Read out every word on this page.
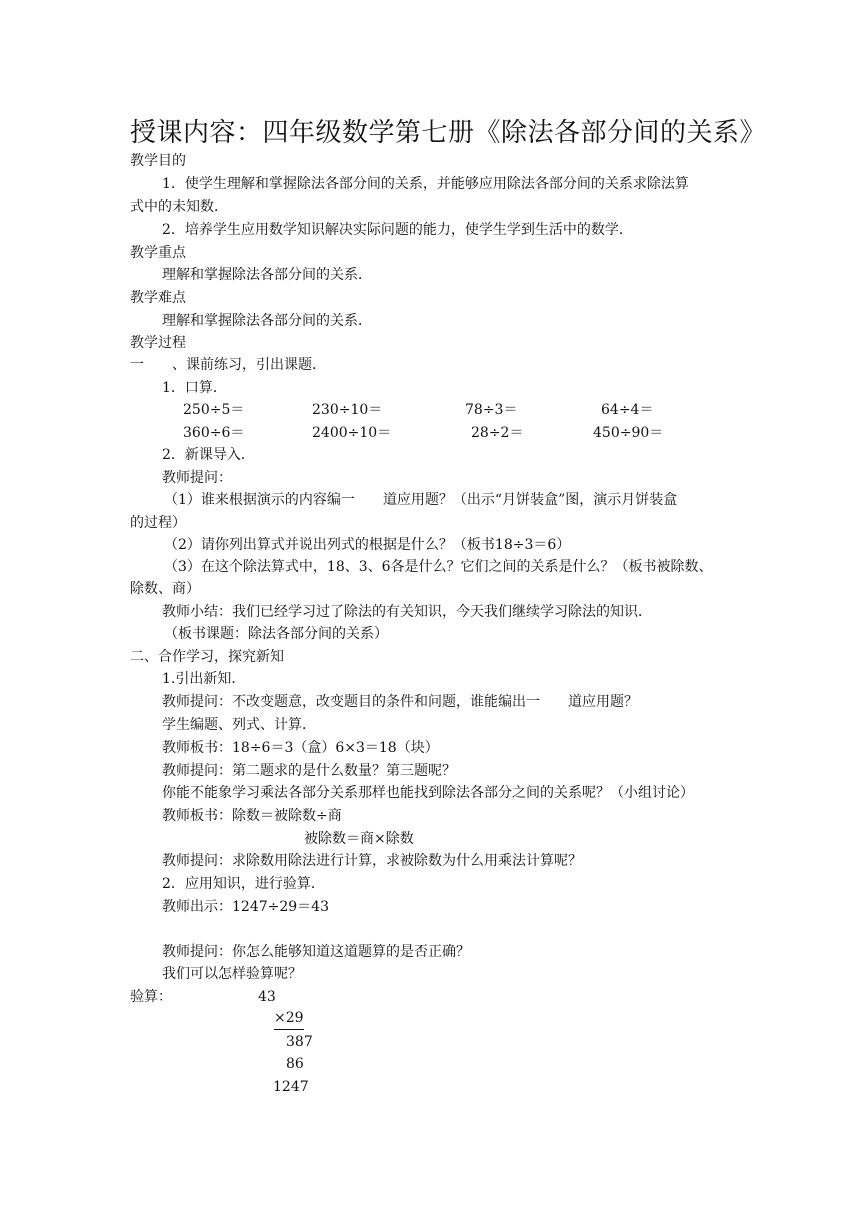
授课内容：四年级数学第七册《除法各部分间的关系》
教学目的
1．使学生理解和掌握除法各部分间的关系，并能够应用除法各部分间的关系求除法算
式中的未知数．
2．培养学生应用数学知识解决实际问题的能力，使学生学到生活中的数学．
教学重点
理解和掌握除法各部分间的关系．
教学难点
理解和掌握除法各部分间的关系．
教学过程
一　　、课前练习，引出课题．
1．口算．
250÷5＝	230÷10＝	78÷3＝	64÷4＝
360÷6＝	2400÷10＝	28÷2＝	450÷90＝
2．新课导入．
教师提问：
（1）谁来根据演示的内容编一　　道应用题？（出示“月饼装盒”图，演示月饼装盒
的过程）
（2）请你列出算式并说出列式的根据是什么？（板书18÷3＝6）
（3）在这个除法算式中，18、3、6各是什么？它们之间的关系是什么？（板书被除数、
除数、商）
教师小结：我们已经学习过了除法的有关知识，今天我们继续学习除法的知识．
（板书课题：除法各部分间的关系）
二、合作学习，探究新知
1.引出新知．
教师提问：不改变题意，改变题目的条件和问题，谁能编出一　　道应用题？
学生编题、列式、计算．
教师板书：18÷6＝3（盒）6×3＝18（块）
教师提问：第二题求的是什么数量？第三题呢？
你能不能象学习乘法各部分关系那样也能找到除法各部分之间的关系呢？（小组讨论）
教师板书：除数＝被除数÷商
被除数＝商×除数
教师提问：求除数用除法进行计算，求被除数为什么用乘法计算呢？
2．应用知识，进行验算．
教师出示：1247÷29＝43
教师提问：你怎么能够知道这道题算的是否正确？
我们可以怎样验算呢？
验算：	43
×29
387
86
1247
